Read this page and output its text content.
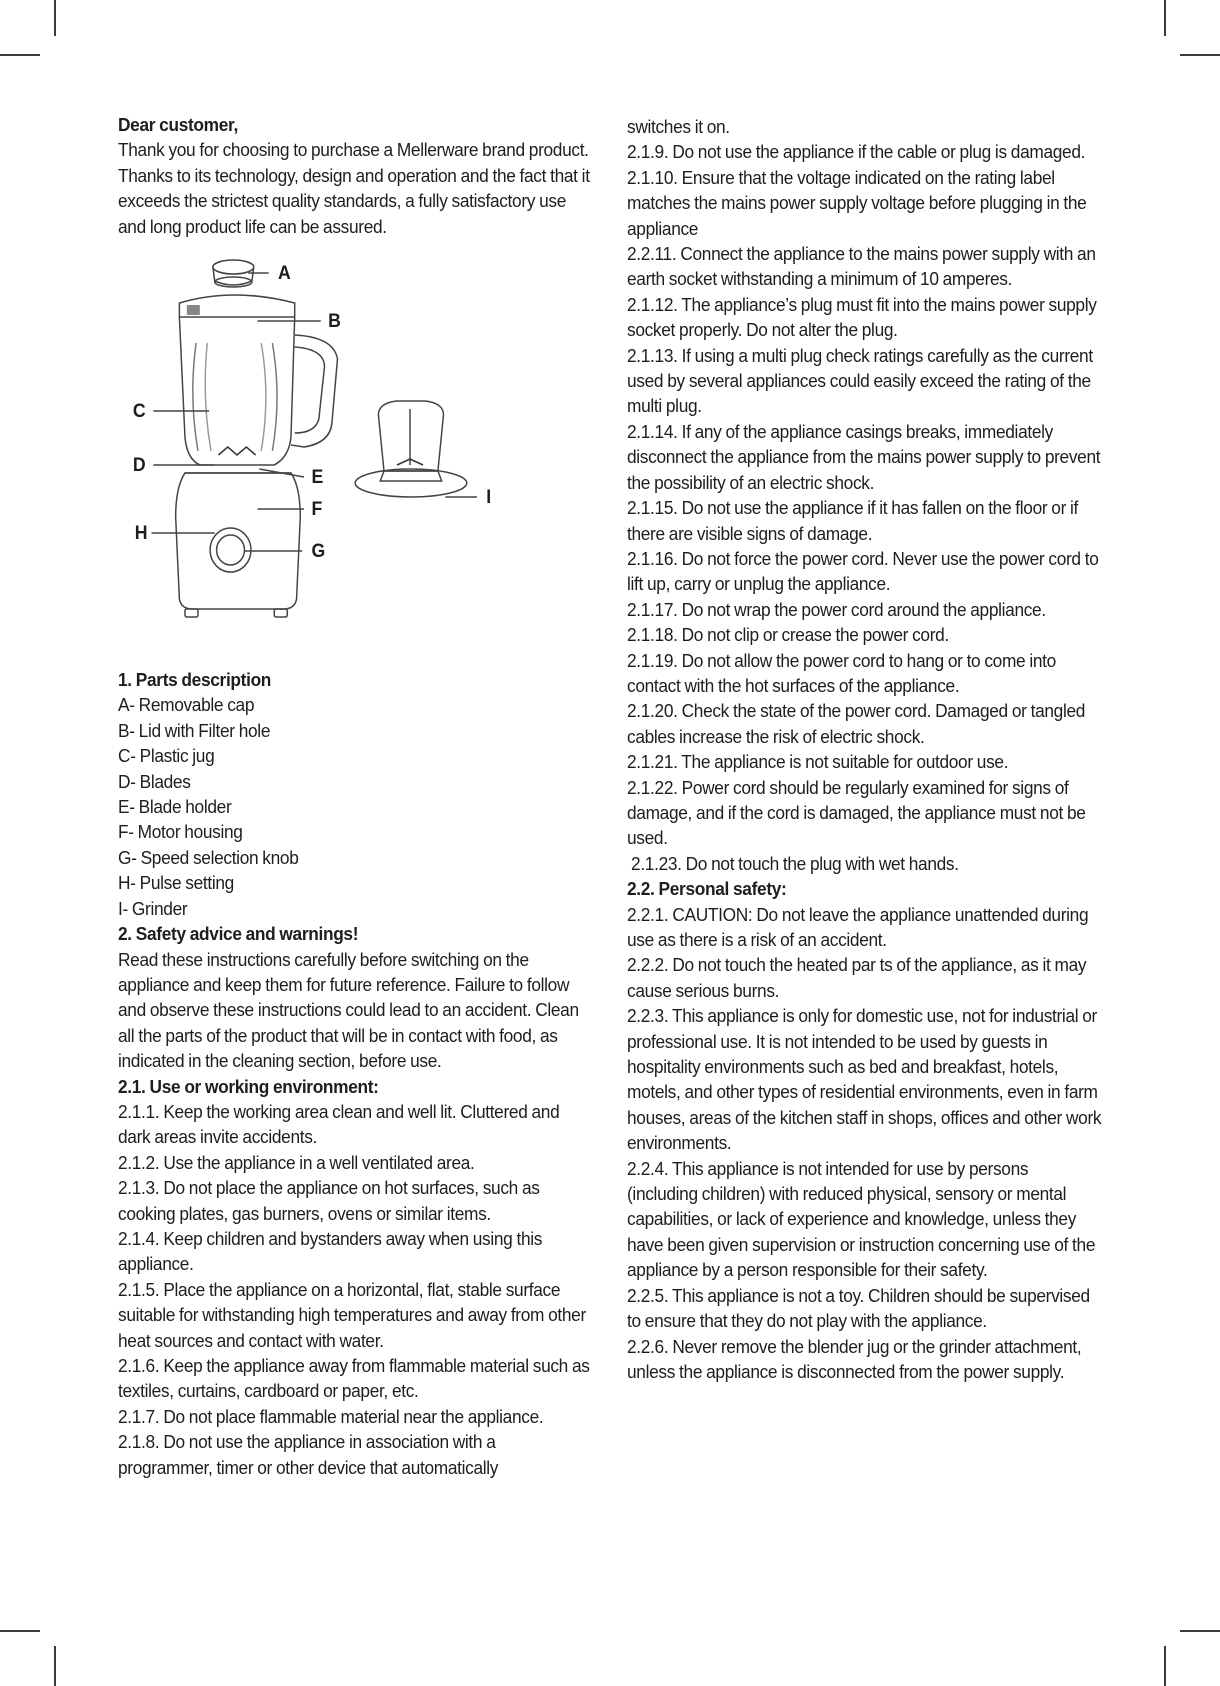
Dear customer,

Thank you for choosing to purchase a Mellerware brand product. Thanks to its technology, design and operation and the fact that it exceeds the strictest quality standards, a fully satisfactory use and long product life can be assured.

A
B
C
D
E
F
G
H
I
1. Parts description

A- Removable cap

B- Lid with Filter hole

C- Plastic jug

D- Blades

E- Blade holder

F- Motor housing

G- Speed selection knob

H- Pulse setting

I- Grinder

2. Safety advice and warnings!

Read these instructions carefully before switching on the appliance and keep them for future reference. Failure to follow and observe these instructions could lead to an accident. Clean all the parts of the product that will be in contact with food, as indicated in the cleaning section, before use.

2.1. Use or working environment:

2.1.1. Keep the working area clean and well lit. Cluttered and dark areas invite accidents.

2.1.2. Use the appliance in a well ventilated area.

2.1.3. Do not place the appliance on hot surfaces, such as cooking plates, gas burners, ovens or similar items.

2.1.4. Keep children and bystanders away when using this appliance.

2.1.5. Place the appliance on a horizontal, flat, stable surface suitable for withstanding high temperatures and away from other heat sources and contact with water.

2.1.6. Keep the appliance away from flammable material such as textiles, curtains, cardboard or paper, etc.

2.1.7. Do not place flammable material near the appliance.

2.1.8. Do not use the appliance in association with a programmer, timer or other device that automatically

switches it on.

2.1.9. Do not use the appliance if the cable or plug is damaged.

2.1.10. Ensure that the voltage indicated on the rating label matches the mains power supply voltage before plugging in the appliance

2.2.11. Connect the appliance to the mains power supply with an earth socket withstanding a minimum of 10 amperes.

2.1.12. The appliance’s plug must fit into the mains power supply socket properly. Do not alter the plug.

2.1.13. If using a multi plug check ratings carefully as the current used by several appliances could easily exceed the rating of the multi plug.

2.1.14. If any of the appliance casings breaks, immediately disconnect the appliance from the mains power supply to prevent the possibility of an electric shock.

2.1.15. Do not use the appliance if it has fallen on the floor or if there are visible signs of damage.

2.1.16. Do not force the power cord. Never use the power cord to lift up, carry or unplug the appliance.

2.1.17. Do not wrap the power cord around the appliance.

2.1.18. Do not clip or crease the power cord.

2.1.19. Do not allow the power cord to hang or to come into contact with the hot surfaces of the appliance.

2.1.20. Check the state of the power cord. Damaged or tangled cables increase the risk of electric shock.

2.1.21. The appliance is not suitable for outdoor use.

2.1.22. Power cord should be regularly examined for signs of damage, and if the cord is damaged, the appliance must not be used.

2.1.23. Do not touch the plug with wet hands.

2.2. Personal safety:

2.2.1. CAUTION: Do not leave the appliance unattended during use as there is a risk of an accident.

2.2.2. Do not touch the heated par ts of the appliance, as it may cause serious burns.

2.2.3. This appliance is only for domestic use, not for industrial or professional use. It is not intended to be used by guests in hospitality environments such as bed and breakfast, hotels, motels, and other types of residential environments, even in farm houses, areas of the kitchen staff in shops, offices and other work environments.

2.2.4. This appliance is not intended for use by persons (including children) with reduced physical, sensory or mental capabilities, or lack of experience and knowledge, unless they have been given supervision or instruction concerning use of the appliance by a person responsible for their safety.

2.2.5. This appliance is not a toy. Children should be supervised to ensure that they do not play with the appliance.

2.2.6. Never remove the blender jug or the grinder attachment, unless the appliance is disconnected from the power supply.
